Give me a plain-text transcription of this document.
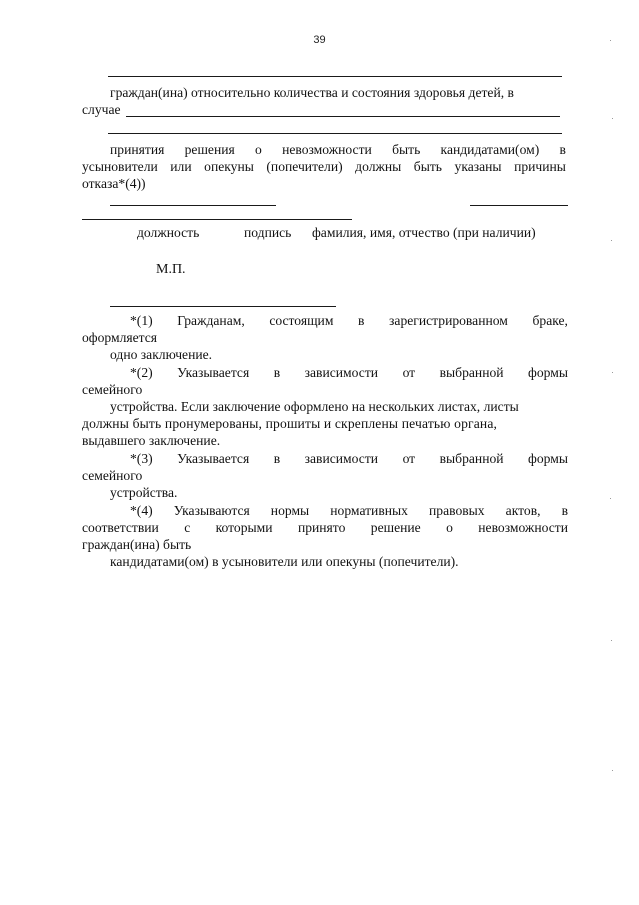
39
граждан(ина) относительно количества и состояния здоровья детей, в
случае
принятия решения о невозможности быть кандидатами(ом) в
усыновители или опекуны (попечители) должны быть указаны причины
отказа*(4))
должность	подпись фамилия, имя, отчество (при наличии)
М.П.
*(1) Гражданам, состоящим в зарегистрированном браке,
оформляется
одно заключение.
*(2) Указывается в зависимости от выбранной формы
семейного
устройства. Если заключение оформлено на нескольких листах, листы
должны быть пронумерованы, прошиты и скреплены печатью органа,
выдавшего заключение.
*(3) Указывается в зависимости от выбранной формы
семейного
устройства.
*(4) Указываются нормы нормативных правовых актов, в
соответствии с которыми принято решение о невозможности
граждан(ина) быть
кандидатами(ом) в усыновители или опекуны (попечители).
